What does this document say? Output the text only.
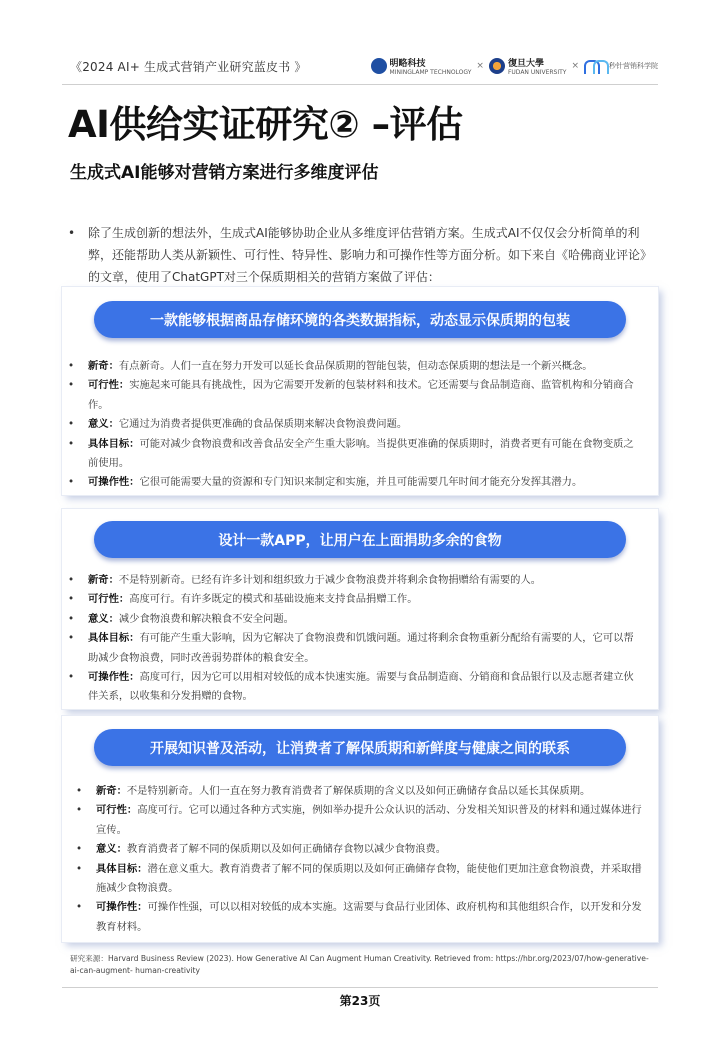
《2024 AI+ 生成式营销产业研究蓝皮书 》	明略科技
MININGLAMP TECHNOLOGY
×	復旦大學
FUDAN UNIVERSITY
×	秒针营销科学院
AI供给实证研究② –评估
生成式AI能够对营销方案进行多维度评估
•	除了生成创新的想法外，生成式AI能够协助企业从多维度评估营销方案。生成式AI不仅仅会分析简单的利弊，还能帮助人类从新颖性、可行性、特异性、影响力和可操作性等方面分析。如下来自《哈佛商业评论》的文章，使用了ChatGPT对三个保质期相关的营销方案做了评估：
一款能够根据商品存储环境的各类数据指标，动态显示保质期的包装
•	新奇：有点新奇。人们一直在努力开发可以延长食品保质期的智能包装，但动态保质期的想法是一个新兴概念。
•	可行性：实施起来可能具有挑战性，因为它需要开发新的包装材料和技术。它还需要与食品制造商、监管机构和分销商合作。
•	意义：它通过为消费者提供更准确的食品保质期来解决食物浪费问题。
•	具体目标：可能对减少食物浪费和改善食品安全产生重大影响。当提供更准确的保质期时，消费者更有可能在食物变质之前使用。
•	可操作性：它很可能需要大量的资源和专门知识来制定和实施，并且可能需要几年时间才能充分发挥其潜力。
设计一款APP，让用户在上面捐助多余的食物
•	新奇：不是特别新奇。已经有许多计划和组织致力于减少食物浪费并将剩余食物捐赠给有需要的人。
•	可行性：高度可行。有许多既定的模式和基础设施来支持食品捐赠工作。
•	意义：减少食物浪费和解决粮食不安全问题。
•	具体目标：有可能产生重大影响，因为它解决了食物浪费和饥饿问题。通过将剩余食物重新分配给有需要的人，它可以帮助减少食物浪费，同时改善弱势群体的粮食安全。
•	可操作性：高度可行，因为它可以用相对较低的成本快速实施。需要与食品制造商、分销商和食品银行以及志愿者建立伙伴关系，以收集和分发捐赠的食物。
开展知识普及活动，让消费者了解保质期和新鲜度与健康之间的联系
•	新奇：不是特别新奇。人们一直在努力教育消费者了解保质期的含义以及如何正确储存食品以延长其保质期。
•	可行性：高度可行。它可以通过各种方式实施，例如举办提升公众认识的活动、分发相关知识普及的材料和通过媒体进行宣传。
•	意义：教育消费者了解不同的保质期以及如何正确储存食物以减少食物浪费。
•	具体目标：潜在意义重大。教育消费者了解不同的保质期以及如何正确储存食物，能使他们更加注意食物浪费，并采取措施减少食物浪费。
•	可操作性：可操作性强，可以以相对较低的成本实施。这需要与食品行业团体、政府机构和其他组织合作，以开发和分发教育材料。
研究来源：Harvard Business Review (2023). How Generative AI Can Augment Human Creativity. Retrieved from: https://hbr.org/2023/07/how-generative-ai-can-augment- human-creativity
第23页
